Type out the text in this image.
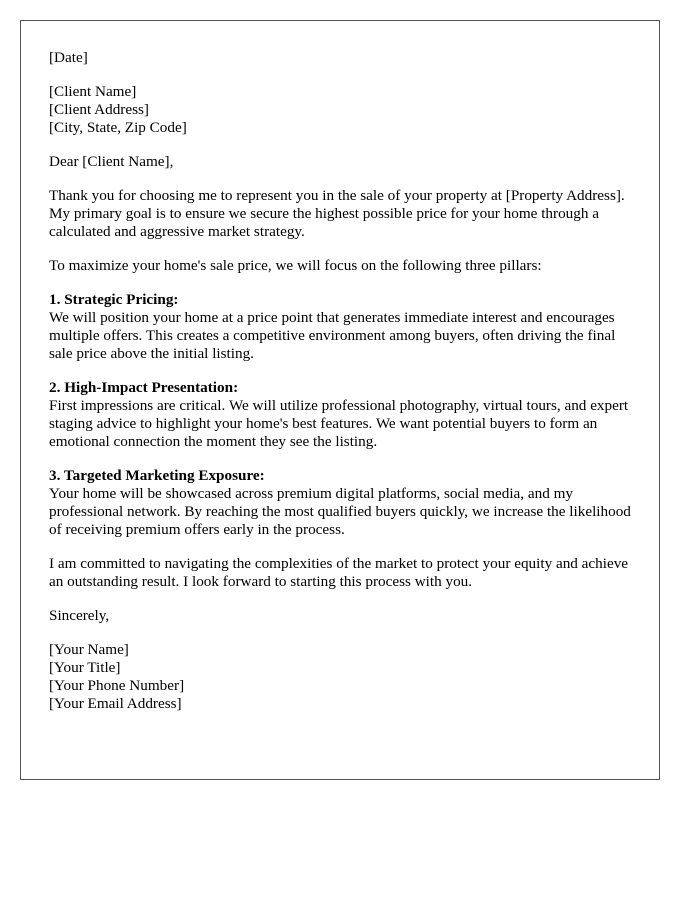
[Date]
[Client Name]
[Client Address]
[City, State, Zip Code]
Dear [Client Name],

Thank you for choosing me to represent you in the sale of your property at [Property Address]. My primary goal is to ensure we secure the highest possible price for your home through a calculated and aggressive market strategy.

To maximize your home's sale price, we will focus on the following three pillars:

1. Strategic Pricing:

We will position your home at a price point that generates immediate interest and encourages multiple offers. This creates a competitive environment among buyers, often driving the final sale price above the initial listing.

2. High-Impact Presentation:

First impressions are critical. We will utilize professional photography, virtual tours, and expert staging advice to highlight your home's best features. We want potential buyers to form an emotional connection the moment they see the listing.

3. Targeted Marketing Exposure:

Your home will be showcased across premium digital platforms, social media, and my professional network. By reaching the most qualified buyers quickly, we increase the likelihood of receiving premium offers early in the process.

I am committed to navigating the complexities of the market to protect your equity and achieve an outstanding result. I look forward to starting this process with you.

Sincerely,
[Your Name]
[Your Title]
[Your Phone Number]
[Your Email Address]
